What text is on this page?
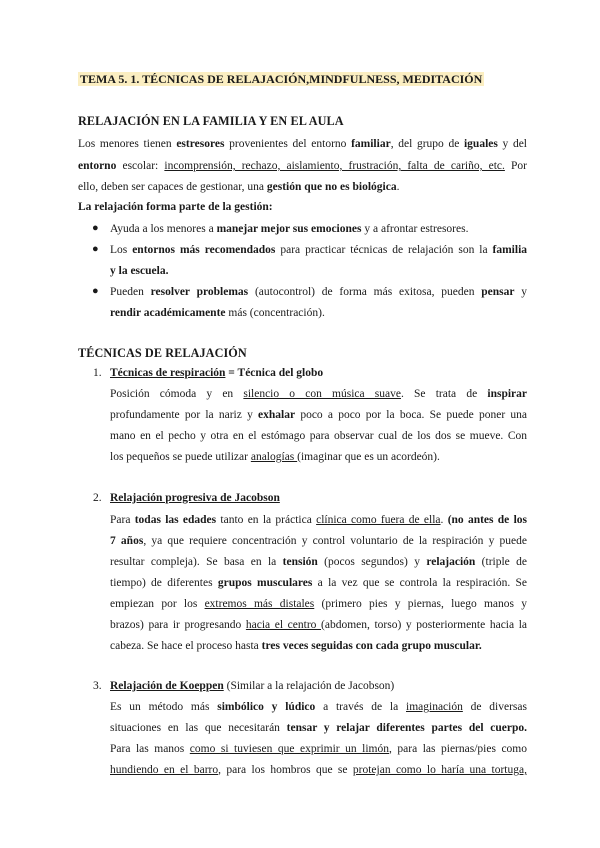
TEMA 5. 1. TÉCNICAS DE RELAJACIÓN,MINDFULNESS, MEDITACIÓN
RELAJACIÓN EN LA FAMILIA Y EN EL AULA
Los menores tienen estresores provenientes del entorno familiar, del grupo de iguales y del
entorno escolar: incomprensión, rechazo, aislamiento, frustración, falta de cariño, etc. Por
ello, deben ser capaces de gestionar, una gestión que no es biológica.
La relajación forma parte de la gestión:
● Ayuda a los menores a manejar mejor sus emociones y a afrontar estresores.
● Los entornos más recomendados para practicar técnicas de relajación son la familia
y la escuela.
● Pueden resolver problemas (autocontrol) de forma más exitosa, pueden pensar y
rendir académicamente más (concentración).
TÉCNICAS DE RELAJACIÓN
1. Técnicas de respiración = Técnica del globo
Posición cómoda y en silencio o con música suave. Se trata de inspirar
profundamente por la nariz y exhalar poco a poco por la boca. Se puede poner una
mano en el pecho y otra en el estómago para observar cual de los dos se mueve. Con
los pequeños se puede utilizar analogías (imaginar que es un acordeón).
2. Relajación progresiva de Jacobson
Para todas las edades tanto en la práctica clínica como fuera de ella. (no antes de los
7 años, ya que requiere concentración y control voluntario de la respiración y puede
resultar compleja). Se basa en la tensión (pocos segundos) y relajación (triple de
tiempo) de diferentes grupos musculares a la vez que se controla la respiración. Se
empiezan por los extremos más distales (primero pies y piernas, luego manos y
brazos) para ir progresando hacia el centro (abdomen, torso) y posteriormente hacia la
cabeza. Se hace el proceso hasta tres veces seguidas con cada grupo muscular.
3. Relajación de Koeppen (Similar a la relajación de Jacobson)
Es un método más simbólico y lúdico a través de la imaginación de diversas
situaciones en las que necesitarán tensar y relajar diferentes partes del cuerpo.
Para las manos como si tuviesen que exprimir un limón, para las piernas/pies como
hundiendo en el barro, para los hombros que se protejan como lo haría una tortuga,
